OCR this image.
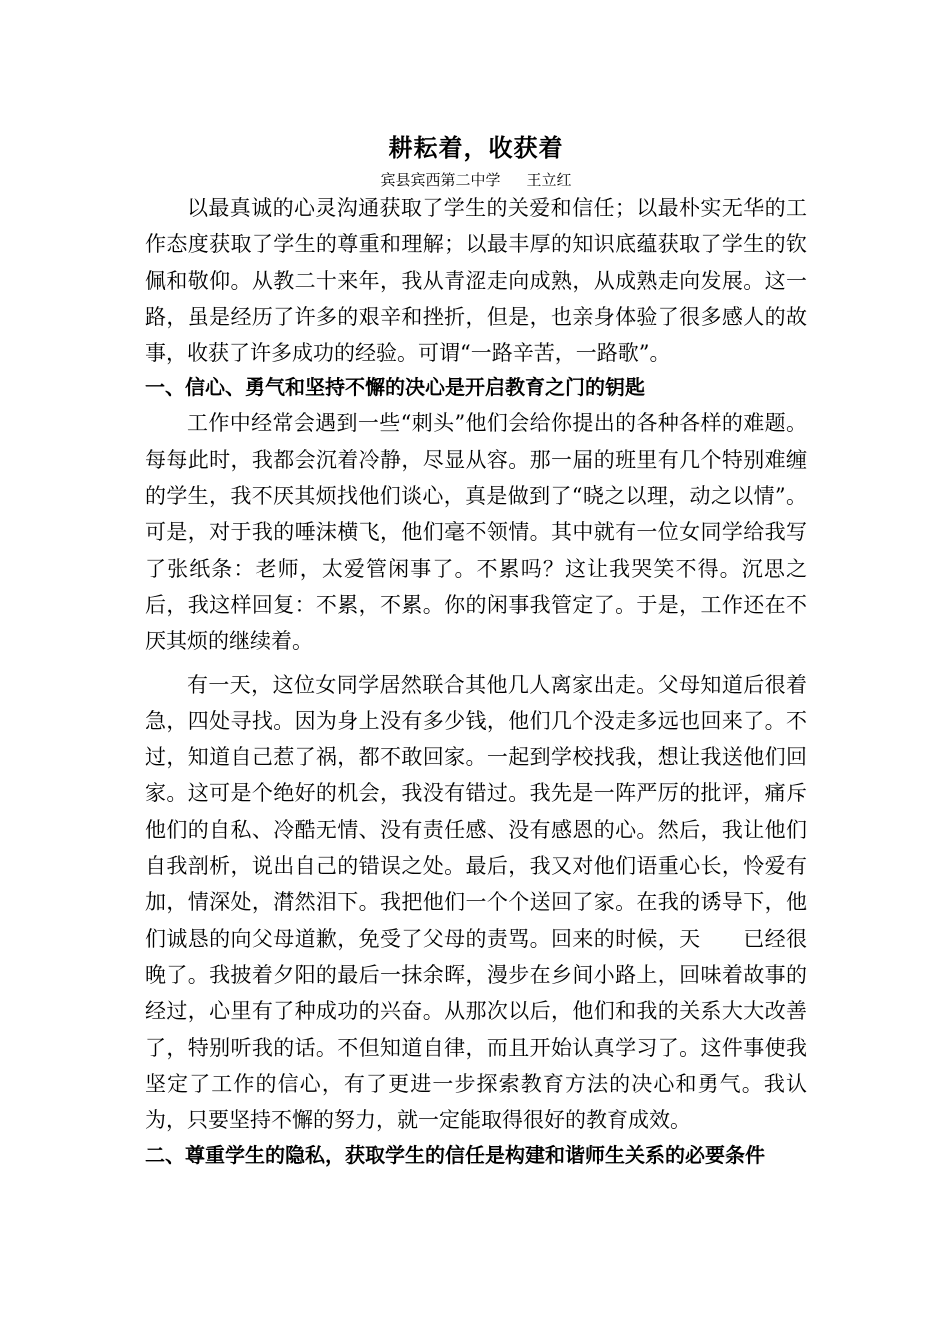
耕耘着，收获着

宾县宾西第二中学 王立红

以最真诚的心灵沟通获取了学生的关爱和信任；以最朴实无华的工作态度获取了学生的尊重和理解；以最丰厚的知识底蕴获取了学生的钦佩和敬仰。从教二十来年，我从青涩走向成熟，从成熟走向发展。这一路，虽是经历了许多的艰辛和挫折，但是，也亲身体验了很多感人的故事，收获了许多成功的经验。可谓“一路辛苦，一路歌”。

一、信心、勇气和坚持不懈的决心是开启教育之门的钥匙

工作中经常会遇到一些“刺头”他们会给你提出的各种各样的难题。每每此时，我都会沉着冷静，尽显从容。那一届的班里有几个特别难缠的学生，我不厌其烦找他们谈心，真是做到了“晓之以理，动之以情”。可是，对于我的唾沫横飞，他们毫不领情。其中就有一位女同学给我写了张纸条：老师，太爱管闲事了。不累吗？这让我哭笑不得。沉思之后，我这样回复：不累，不累。你的闲事我管定了。于是，工作还在不厌其烦的继续着。

有一天，这位女同学居然联合其他几人离家出走。父母知道后很着急，四处寻找。因为身上没有多少钱，他们几个没走多远也回来了。不过，知道自己惹了祸，都不敢回家。一起到学校找我，想让我送他们回家。这可是个绝好的机会，我没有错过。我先是一阵严厉的批评，痛斥他们的自私、冷酷无情、没有责任感、没有感恩的心。然后，我让他们自我剖析，说出自己的错误之处。最后，我又对他们语重心长，怜爱有加，情深处，潸然泪下。我把他们一个个送回了家。在我的诱导下，他们诚恳的向父母道歉，免受了父母的责骂。回来的时候，天　　已经很晚了。我披着夕阳的最后一抹余晖，漫步在乡间小路上，回味着故事的经过，心里有了种成功的兴奋。从那次以后，他们和我的关系大大改善了，特别听我的话。不但知道自律，而且开始认真学习了。这件事使我坚定了工作的信心，有了更进一步探索教育方法的决心和勇气。我认为，只要坚持不懈的努力，就一定能取得很好的教育成效。

二、尊重学生的隐私，获取学生的信任是构建和谐师生关系的必要条件
